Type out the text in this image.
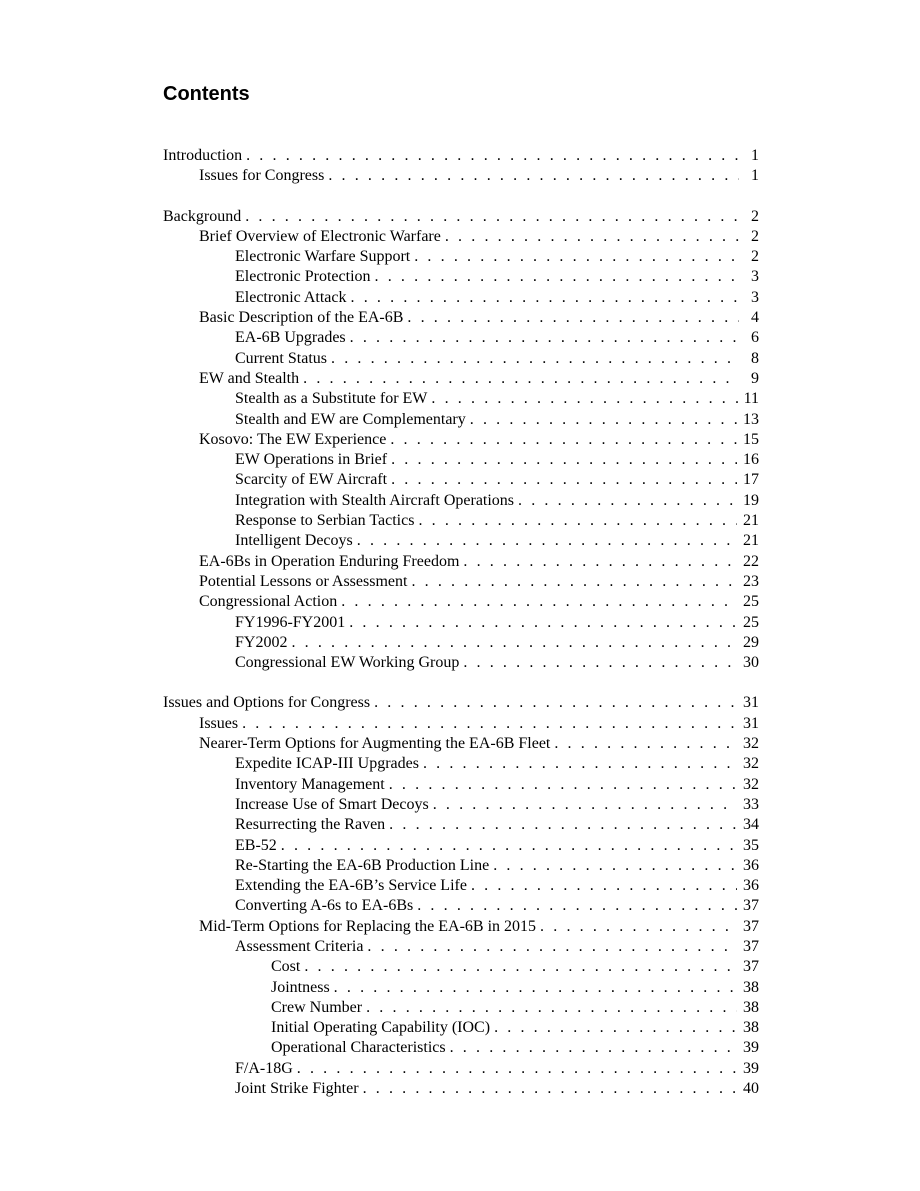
Contents
Introduction . . .	1
Issues for Congress . . .	1
Background . . .	2
Brief Overview of Electronic Warfare . . .	2
Electronic Warfare Support . . .	2
Electronic Protection . . .	3
Electronic Attack . . .	3
Basic Description of the EA-6B . . .	4
EA-6B Upgrades . . .	6
Current Status . . .	8
EW and Stealth . . .	9
Stealth as a Substitute for EW . . .	11
Stealth and EW are Complementary . . .	13
Kosovo: The EW Experience . . .	15
EW Operations in Brief . . .	16
Scarcity of EW Aircraft . . .	17
Integration with Stealth Aircraft Operations . . .	19
Response to Serbian Tactics . . .	21
Intelligent Decoys . . .	21
EA-6Bs in Operation Enduring Freedom . . .	22
Potential Lessons or Assessment . . .	23
Congressional Action . . .	25
FY1996-FY2001 . . .	25
FY2002 . . .	29
Congressional EW Working Group . . .	30
Issues and Options for Congress . . .	31
Issues . . .	31
Nearer-Term Options for Augmenting the EA-6B Fleet . . .	32
Expedite ICAP-III Upgrades . . .	32
Inventory Management . . .	32
Increase Use of Smart Decoys . . .	33
Resurrecting the Raven . . .	34
EB-52 . . .	35
Re-Starting the EA-6B Production Line . . .	36
Extending the EA-6B’s Service Life . . .	36
Converting A-6s to EA-6Bs . . .	37
Mid-Term Options for Replacing the EA-6B in 2015 . . .	37
Assessment Criteria . . .	37
Cost . . .	37
Jointness . . .	38
Crew Number . . .	38
Initial Operating Capability (IOC) . . .	38
Operational Characteristics . . .	39
F/A-18G . . .	39
Joint Strike Fighter . . .	40
